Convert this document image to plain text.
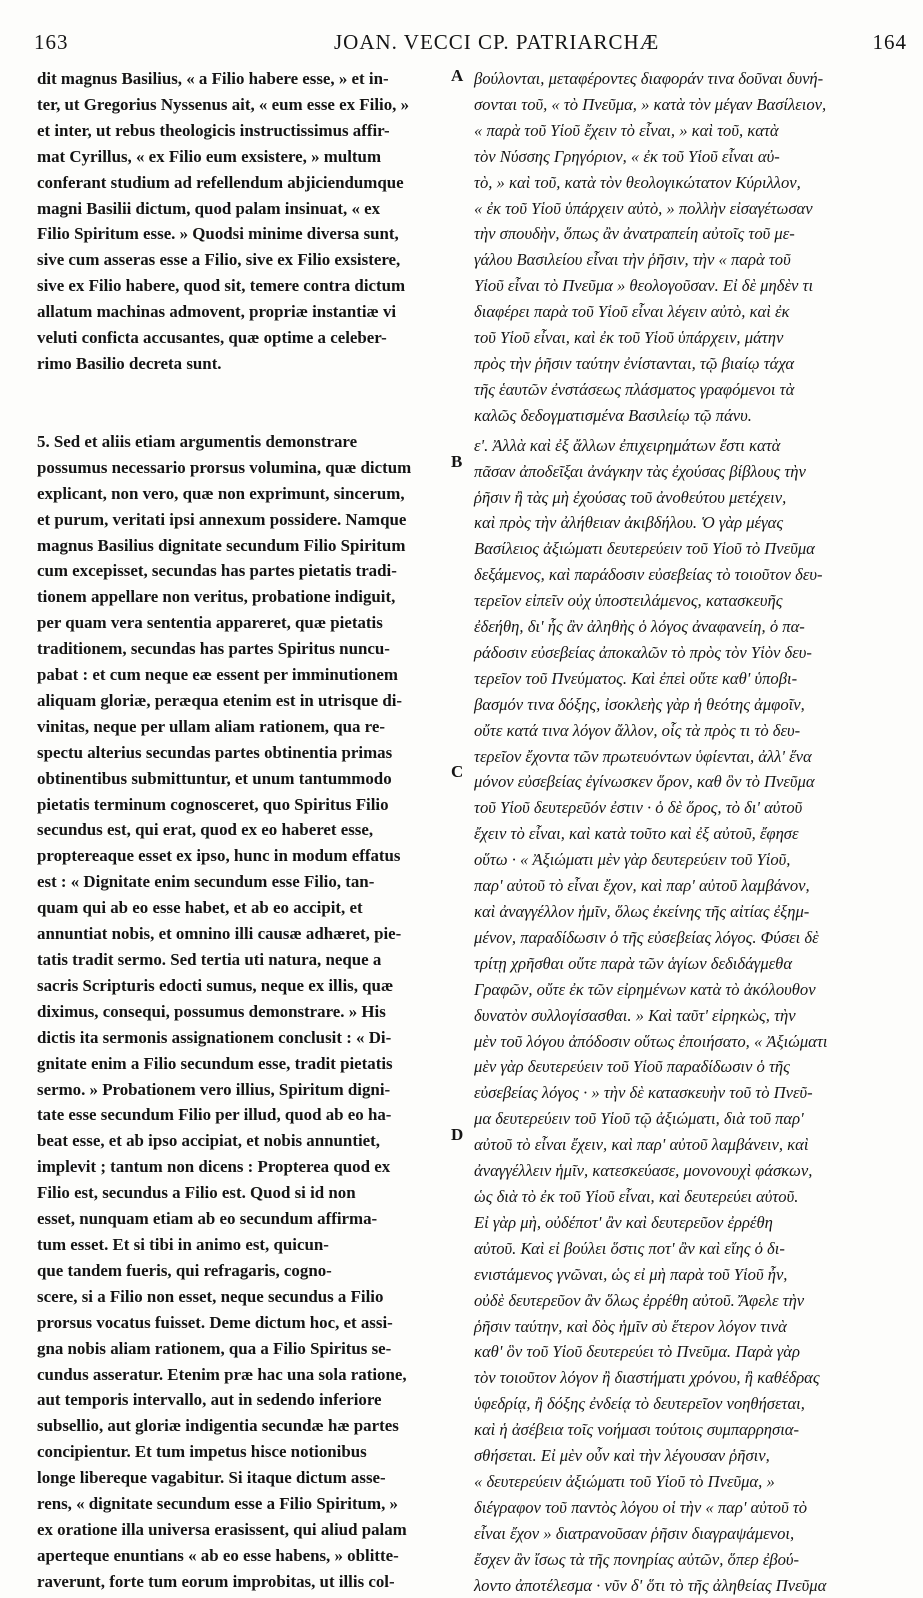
163	JOAN. VECCI CP. PATRIARCHÆ	164

dit magnus Basilius, « a Filio habere esse, » et in-
ter, ut Gregorius Nyssenus ait, « eum esse ex Filio, »
et inter, ut rebus theologicis instructissimus affir-
mat Cyrillus, « ex Filio eum exsistere, » multum
conferant studium ad refellendum abjiciendumque
magni Basilii dictum, quod palam insinuat, « ex
Filio Spiritum esse. » Quodsi minime diversa sunt,
sive cum asseras esse a Filio, sive ex Filio exsistere,
sive ex Filio habere, quod sit, temere contra dictum
allatum machinas admovent, propriæ instantiæ vi
veluti conficta accusantes, quæ optime a celeber-
rimo Basilio decreta sunt.

5. Sed et aliis etiam argumentis demonstrare
possumus necessario prorsus volumina, quæ dictum
explicant, non vero, quæ non exprimunt, sincerum,
et purum, veritati ipsi annexum possidere. Namque
magnus Basilius dignitate secundum Filio Spiritum
cum excepisset, secundas has partes pietatis tradi-
tionem appellare non veritus, probatione indiguit,
per quam vera sententia appareret, quæ pietatis
traditionem, secundas has partes Spiritus nuncu-
pabat : et cum neque eæ essent per imminutionem
aliquam gloriæ, peræqua etenim est in utrisque di-
vinitas, neque per ullam aliam rationem, qua re-
spectu alterius secundas partes obtinentia primas
obtinentibus submittuntur, et unum tantummodo
pietatis terminum cognosceret, quo Spiritus Filio
secundus est, qui erat, quod ex eo haberet esse,
proptereaque esset ex ipso, hunc in modum effatus
est : « Dignitate enim secundum esse Filio, tan-
quam qui ab eo esse habet, et ab eo accipit, et
annuntiat nobis, et omnino illi causæ adhæret, pie-
tatis tradit sermo. Sed tertia uti natura, neque a
sacris Scripturis edocti sumus, neque ex illis, quæ
diximus, consequi, possumus demonstrare. » His
dictis ita sermonis assignationem conclusit : « Di-
gnitate enim a Filio secundum esse, tradit pietatis
sermo. » Probationem vero illius, Spiritum digni-
tate esse secundum Filio per illud, quod ab eo ha-
beat esse, et ab ipso accipiat, et nobis annuntiet,
implevit ; tantum non dicens : Propterea quod ex
Filio est, secundus a Filio est. Quod si id non
esset, nunquam etiam ab eo secundum affirma-
tum esset. Et si tibi in animo est, quicun-
que tandem fueris, qui refragaris, cogno-
scere, si a Filio non esset, neque secundus a Filio
prorsus vocatus fuisset. Deme dictum hoc, et assi-
gna nobis aliam rationem, qua a Filio Spiritus se-
cundus asseratur. Etenim præ hac una sola ratione,
aut temporis intervallo, aut in sedendo inferiore
subsellio, aut gloriæ indigentia secundæ hæ partes
concipientur. Et tum impetus hisce notionibus
longe libereque vagabitur. Si itaque dictum asse-
rens, « dignitate secundum esse a Filio Spiritum, »
ex oratione illa universa erasissent, qui aliud palam
aperteque enuntians « ab eo esse habens, » oblitte-
raverunt, forte tum eorum improbitas, ut illis col-

A
B
C
D

βούλονται, μεταφέροντες διαφοράν τινα δοῦναι δυνή-
σονται τοῦ, « τὸ Πνεῦμα, » κατὰ τὸν μέγαν Βασίλειον,
« παρὰ τοῦ Υἱοῦ ἔχειν τὸ εἶναι, » καὶ τοῦ, κατὰ
τὸν Νύσσης Γρηγόριον, « ἐκ τοῦ Υἱοῦ εἶναι αὐ-
τὸ, » καὶ τοῦ, κατὰ τὸν θεολογικώτατον Κύριλλον,
« ἐκ τοῦ Υἱοῦ ὑπάρχειν αὐτὸ, » πολλὴν εἰσαγέτωσαν
τὴν σπουδὴν, ὅπως ἂν ἀνατραπείη αὐτοῖς τοῦ με-
γάλου Βασιλείου εἶναι τὴν ῥῆσιν, τὴν « παρὰ τοῦ
Υἱοῦ εἶναι τὸ Πνεῦμα » θεολογοῦσαν. Εἰ δὲ μηδὲν τι
διαφέρει παρὰ τοῦ Υἱοῦ εἶναι λέγειν αὐτὸ, καὶ ἐκ
τοῦ Υἱοῦ εἶναι, καὶ ἐκ τοῦ Υἱοῦ ὑπάρχειν, μάτην
πρὸς τὴν ῥῆσιν ταύτην ἐνίστανται, τῷ βιαίῳ τάχα
τῆς ἑαυτῶν ἐνστάσεως πλάσματος γραφόμενοι τὰ
καλῶς δεδογματισμένα Βασιλείῳ τῷ πάνυ.

ε'. Ἀλλὰ καὶ ἐξ ἄλλων ἐπιχειρημάτων ἔστι κατὰ
πᾶσαν ἀποδεῖξαι ἀνάγκην τὰς ἐχούσας βίβλους τὴν
ῥῆσιν ἢ τὰς μὴ ἐχούσας τοῦ ἀνοθεύτου μετέχειν,
καὶ πρὸς τὴν ἀλήθειαν ἀκιβδήλου. Ὁ γὰρ μέγας
Βασίλειος ἀξιώματι δευτερεύειν τοῦ Υἱοῦ τὸ Πνεῦμα
δεξάμενος, καὶ παράδοσιν εὐσεβείας τὸ τοιοῦτον δευ-
τερεῖον εἰπεῖν οὐχ ὑποστειλάμενος, κατασκευῆς
ἐδεήθη, δι' ἧς ἂν ἀληθὴς ὁ λόγος ἀναφανείη, ὁ πα-
ράδοσιν εὐσεβείας ἀποκαλῶν τὸ πρὸς τὸν Υἱὸν δευ-
τερεῖον τοῦ Πνεύματος. Καὶ ἐπεὶ οὔτε καθ' ὑποβι-
βασμόν τινα δόξης, ἰσοκλεὴς γὰρ ἡ θεότης ἀμφοῖν,
οὔτε κατά τινα λόγον ἄλλον, οἷς τὰ πρὸς τι τὸ δευ-
τερεῖον ἔχοντα τῶν πρωτευόντων ὑφίενται, ἀλλ' ἕνα
μόνον εὐσεβείας ἐγίνωσκεν ὅρον, καθ ὃν τὸ Πνεῦμα
τοῦ Υἱοῦ δευτερεῦόν ἐστιν · ὁ δὲ ὅρος, τὸ δι' αὐτοῦ
ἔχειν τὸ εἶναι, καὶ κατὰ τοῦτο καὶ ἐξ αὐτοῦ, ἔφησε
οὕτω · « Ἀξιώματι μὲν γὰρ δευτερεύειν τοῦ Υἱοῦ,
παρ' αὐτοῦ τὸ εἶναι ἔχον, καὶ παρ' αὐτοῦ λαμβάνον,
καὶ ἀναγγέλλον ἡμῖν, ὅλως ἐκείνης τῆς αἰτίας ἐξημ-
μένον, παραδίδωσιν ὁ τῆς εὐσεβείας λόγος. Φύσει δὲ
τρίτῃ χρῆσθαι οὔτε παρὰ τῶν ἁγίων δεδιδάγμεθα
Γραφῶν, οὔτε ἐκ τῶν εἰρημένων κατὰ τὸ ἀκόλουθον
δυνατὸν συλλογίσασθαι. » Καὶ ταῦτ' εἰρηκὼς, τὴν
μὲν τοῦ λόγου ἀπόδοσιν οὕτως ἐποιήσατο, « Ἀξιώματι
μὲν γὰρ δευτερεύειν τοῦ Υἱοῦ παραδίδωσιν ὁ τῆς
εὐσεβείας λόγος · » τὴν δὲ κατασκευὴν τοῦ τὸ Πνεῦ-
μα δευτερεύειν τοῦ Υἱοῦ τῷ ἀξιώματι, διὰ τοῦ παρ'
αὐτοῦ τὸ εἶναι ἔχειν, καὶ παρ' αὐτοῦ λαμβάνειν, καὶ
ἀναγγέλλειν ἡμῖν, κατεσκεύασε, μονονουχὶ φάσκων,
ὡς διὰ τὸ ἐκ τοῦ Υἱοῦ εἶναι, καὶ δευτερεύει αὐτοῦ.
Εἰ γὰρ μὴ, οὐδέποτ' ἂν καὶ δευτερεῦον ἐρρέθη
αὐτοῦ. Καὶ εἰ βούλει ὅστις ποτ' ἂν καὶ εἴης ὁ δι-
ενιστάμενος γνῶναι, ὡς εἰ μὴ παρὰ τοῦ Υἱοῦ ἦν,
οὐδὲ δευτερεῦον ἂν ὅλως ἐρρέθη αὐτοῦ. Ἄφελε τὴν
ῥῆσιν ταύτην, καὶ δὸς ἡμῖν σὺ ἕτερον λόγον τινὰ
καθ' ὃν τοῦ Υἱοῦ δευτερεύει τὸ Πνεῦμα. Παρὰ γὰρ
τὸν τοιοῦτον λόγον ἢ διαστήματι χρόνου, ἢ καθέδρας
ὑφεδρίᾳ, ἢ δόξης ἐνδείᾳ τὸ δευτερεῖον νοηθήσεται,
καὶ ἡ ἀσέβεια τοῖς νοήμασι τούτοις συμπαρρησια-
σθήσεται. Εἰ μὲν οὖν καὶ τὴν λέγουσαν ῥῆσιν,
« δευτερεύειν ἀξιώματι τοῦ Υἱοῦ τὸ Πνεῦμα, »
διέγραφον τοῦ παντὸς λόγου οἱ τὴν « παρ' αὐτοῦ τὸ
εἶναι ἔχον » διατρανοῦσαν ῥῆσιν διαγραψάμενοι,
ἔσχεν ἂν ἴσως τὰ τῆς πονηρίας αὐτῶν, ὅπερ ἐβού-
λοντο ἀποτέλεσμα · νῦν δ' ὅτι τὸ τῆς ἀληθείας Πνεῦμα
